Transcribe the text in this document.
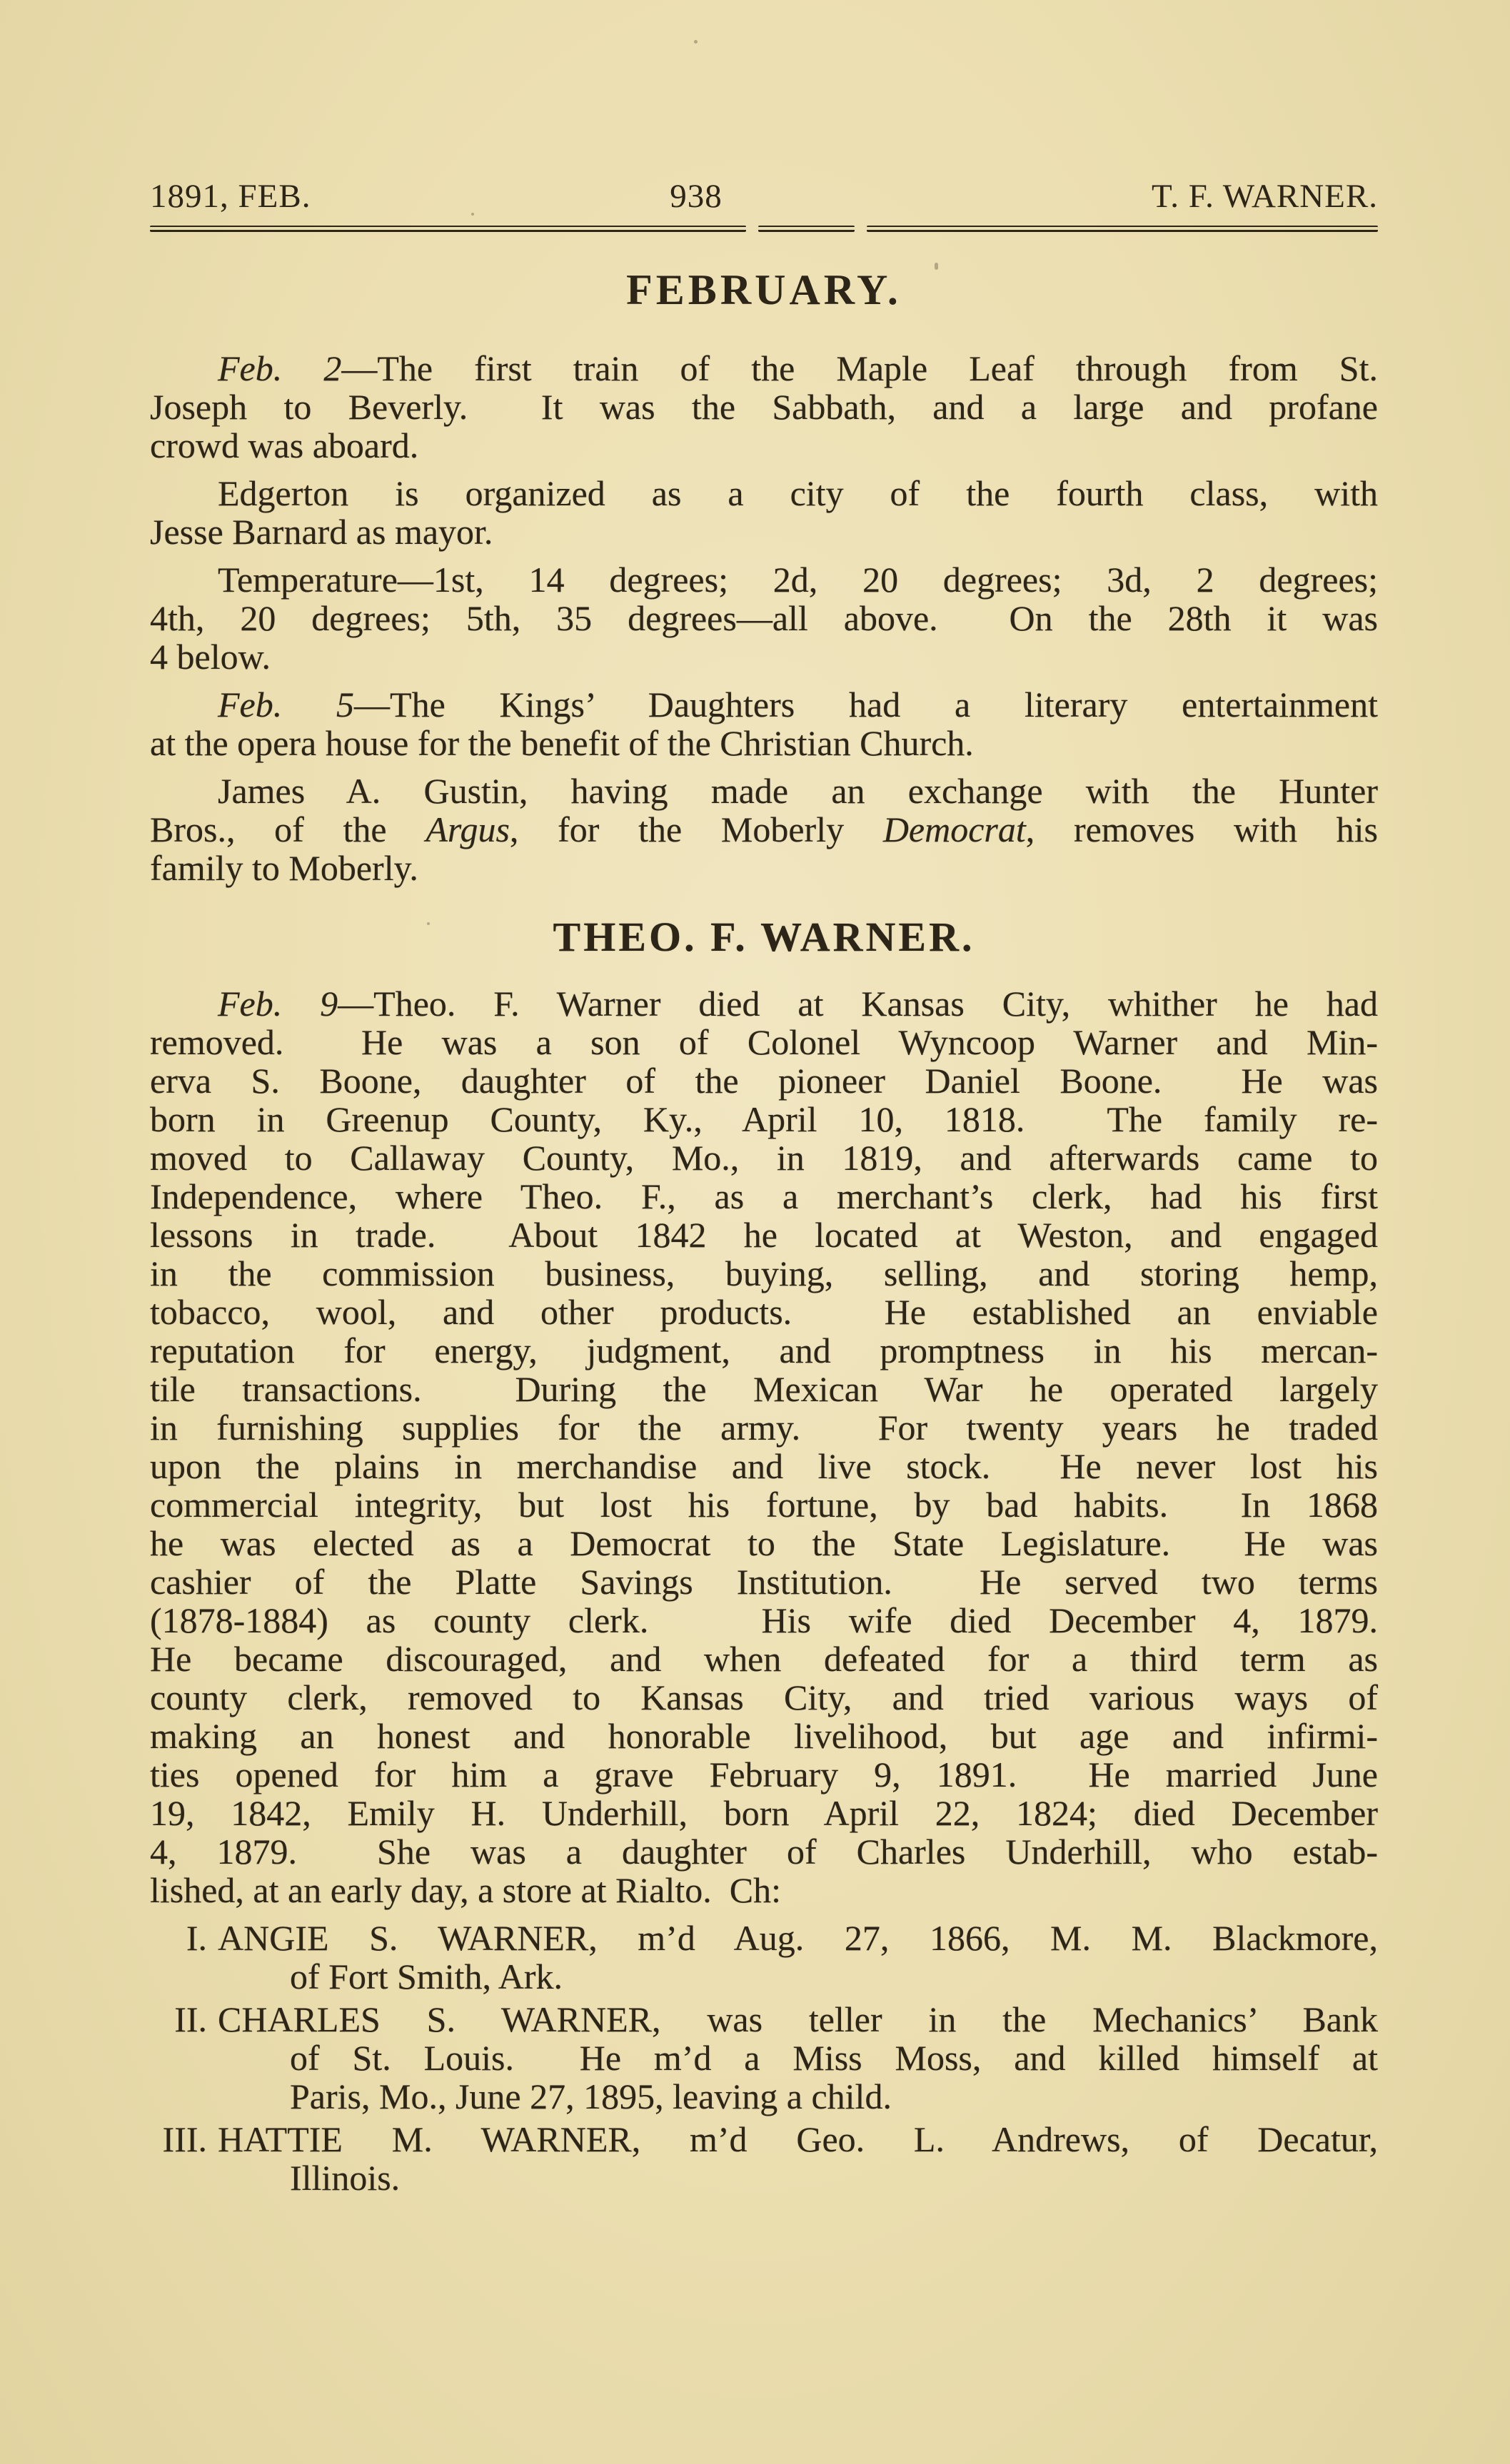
1891, FEB.	938	T. F. WARNER.
FEBRUARY.
Feb. 2—The first train of the Maple Leaf through from St.
Joseph to Beverly.  It was the Sabbath, and a large and profane
crowd was aboard.
Edgerton is organized as a city of the fourth class, with
Jesse Barnard as mayor.
Temperature—1st, 14 degrees; 2d, 20 degrees; 3d, 2 degrees;
4th, 20 degrees; 5th, 35 degrees—all above.  On the 28th it was
4 below.
Feb. 5—The Kings’ Daughters had a literary entertainment
at the opera house for the benefit of the Christian Church.
James A. Gustin, having made an exchange with the Hunter
Bros., of the Argus, for the Moberly Democrat, removes with his
family to Moberly.
THEO. F. WARNER.
Feb. 9—Theo. F. Warner died at Kansas City, whither he had
removed.  He was a son of Colonel Wyncoop Warner and Min-
erva S. Boone, daughter of the pioneer Daniel Boone.  He was
born in Greenup County, Ky., April 10, 1818.  The family re-
moved to Callaway County, Mo., in 1819, and afterwards came to
Independence, where Theo. F., as a merchant’s clerk, had his first
lessons in trade.  About 1842 he located at Weston, and engaged
in the commission business, buying, selling, and storing hemp,
tobacco, wool, and other products.  He established an enviable
reputation for energy, judgment, and promptness in his mercan-
tile transactions.  During the Mexican War he operated largely
in furnishing supplies for the army.  For twenty years he traded
upon the plains in merchandise and live stock.  He never lost his
commercial integrity, but lost his fortune, by bad habits.  In 1868
he was elected as a Democrat to the State Legislature.  He was
cashier of the Platte Savings Institution.  He served two terms
(1878-1884) as county clerk.   His wife died December 4, 1879.
He became discouraged, and when defeated for a third term as
county clerk, removed to Kansas City, and tried various ways of
making an honest and honorable livelihood, but age and infirmi-
ties opened for him a grave February 9, 1891.  He married June
19, 1842, Emily H. Underhill, born April 22, 1824; died December
4, 1879.  She was a daughter of Charles Underhill, who estab-
lished, at an early day, a store at Rialto.  Ch:
I. ANGIE S. WARNER, m’d Aug. 27, 1866, M. M. Blackmore,
of Fort Smith, Ark.
II. CHARLES S. WARNER, was teller in the Mechanics’ Bank
of St. Louis.  He m’d a Miss Moss, and killed himself at
Paris, Mo., June 27, 1895, leaving a child.
III. HATTIE M. WARNER, m’d Geo. L. Andrews, of Decatur,
Illinois.
